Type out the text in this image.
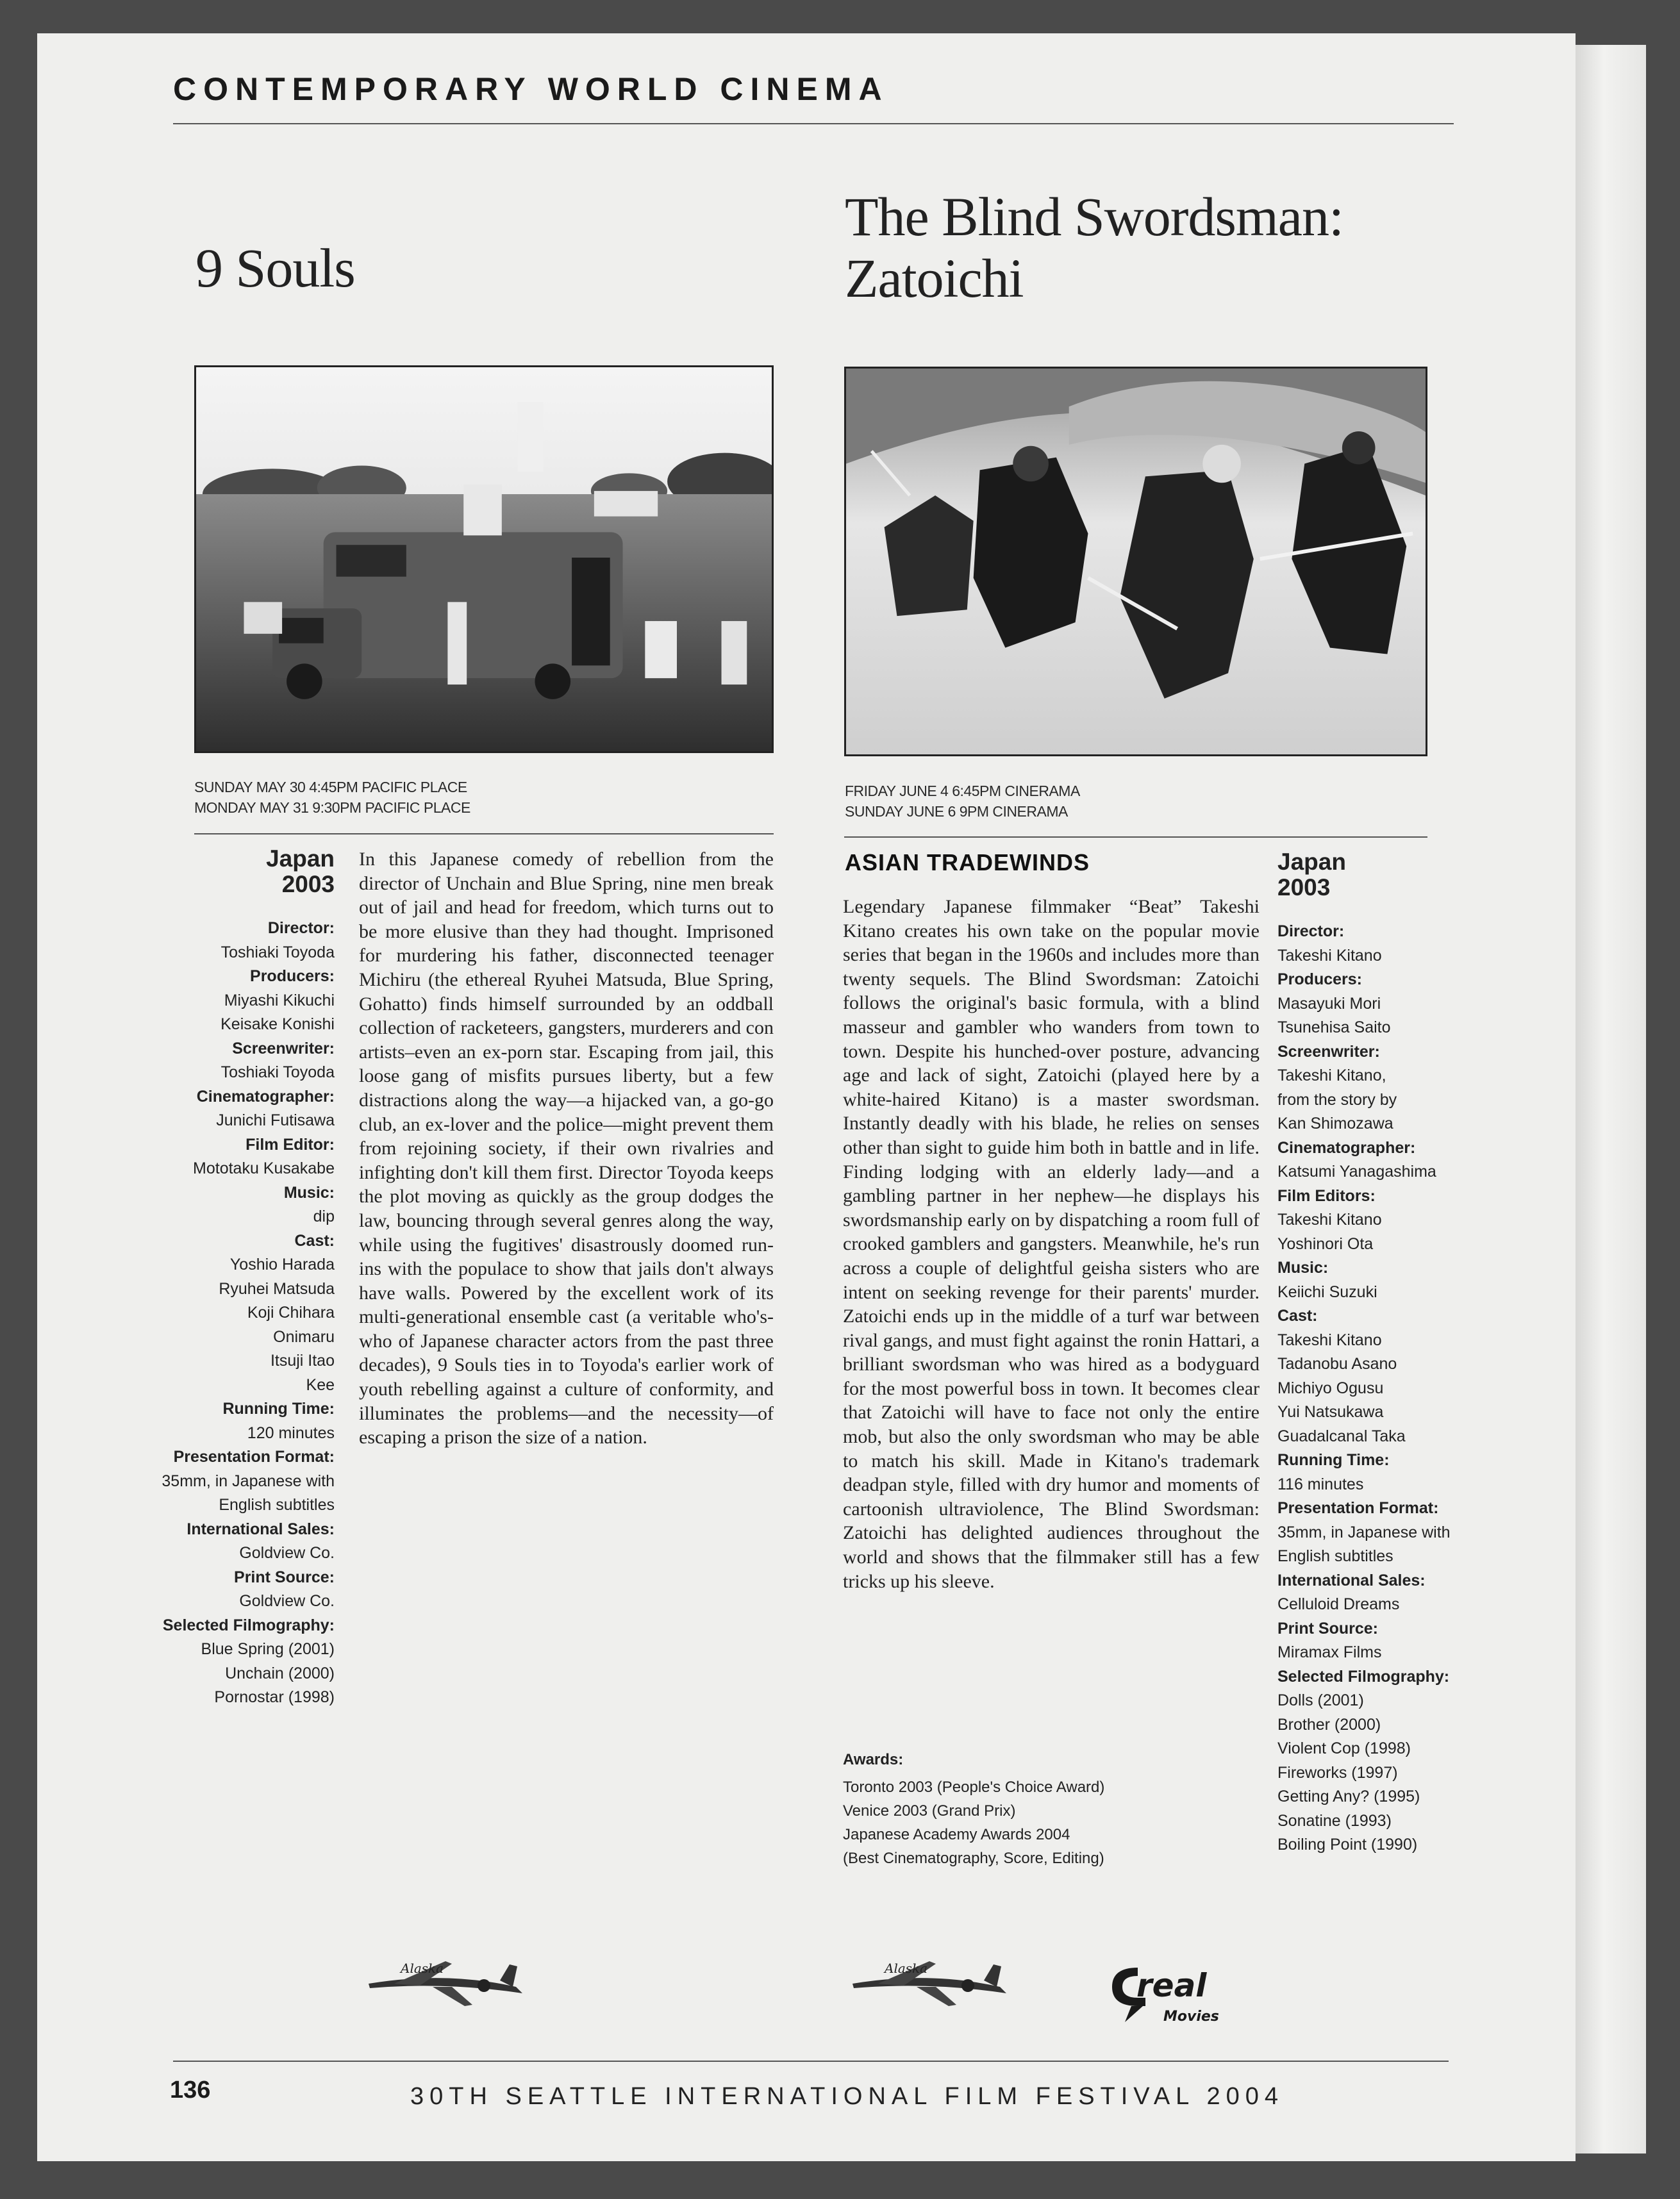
CONTEMPORARY WORLD CINEMA
9 Souls
SUNDAY MAY 30 4:45PM PACIFIC PLACE
MONDAY MAY 31 9:30PM PACIFIC PLACE
Japan
2003
Director:
Toshiaki Toyoda
Producers:
Miyashi Kikuchi
Keisake Konishi
Screenwriter:
Toshiaki Toyoda
Cinematographer:
Junichi Futisawa
Film Editor:
Mototaku Kusakabe
Music:
dip
Cast:
Yoshio Harada
Ryuhei Matsuda
Koji Chihara
Onimaru
Itsuji Itao
Kee
Running Time:
120 minutes
Presentation Format:
35mm, in Japanese with
English subtitles
International Sales:
Goldview Co.
Print Source:
Goldview Co.
Selected Filmography:
Blue Spring (2001)
Unchain (2000)
Pornostar (1998)
In this Japanese comedy of rebellion from the director of Unchain and Blue Spring, nine men break out of jail and head for freedom, which turns out to be more elusive than they had thought. Imprisoned for murdering his father, disconnected teenager Michiru (the ethereal Ryuhei Matsuda, Blue Spring, Gohatto) finds himself surrounded by an oddball collection of racketeers, gangsters, murderers and con artists–even an ex-porn star. Escaping from jail, this loose gang of misfits pursues liberty, but a few distractions along the way—a hijacked van, a go-go club, an ex-lover and the police—might prevent them from rejoining society, if their own rivalries and infighting don't kill them first. Director Toyoda keeps the plot moving as quickly as the group dodges the law, bouncing through several genres along the way, while using the fugitives' disastrously doomed run-ins with the populace to show that jails don't always have walls. Powered by the excellent work of its multi-generational ensemble cast (a veritable who's-who of Japanese character actors from the past three decades), 9 Souls ties in to Toyoda's earlier work of youth rebelling against a culture of conformity, and illuminates the problems—and the necessity—of escaping a prison the size of a nation.
The Blind Swordsman:
Zatoichi
FRIDAY JUNE 4 6:45PM CINERAMA
SUNDAY JUNE 6 9PM CINERAMA
ASIAN TRADEWINDS
Legendary Japanese filmmaker “Beat” Takeshi Kitano creates his own take on the popular movie series that began in the 1960s and includes more than twenty sequels. The Blind Swordsman: Zatoichi follows the original's basic formula, with a blind masseur and gambler who wanders from town to town. Despite his hunched-over posture, advancing age and lack of sight, Zatoichi (played here by a white-haired Kitano) is a master swordsman. Instantly deadly with his blade, he relies on senses other than sight to guide him both in battle and in life. Finding lodging with an elderly lady—and a gambling partner in her nephew—he displays his swordsmanship early on by dispatching a room full of crooked gamblers and gangsters. Meanwhile, he's run across a couple of delightful geisha sisters who are intent on seeking revenge for their parents' murder. Zatoichi ends up in the middle of a turf war between rival gangs, and must fight against the ronin Hattari, a brilliant swordsman who was hired as a bodyguard for the most powerful boss in town. It becomes clear that Zatoichi will have to face not only the entire mob, but also the only swordsman who may be able to match his skill. Made in Kitano's trademark deadpan style, filled with dry humor and moments of cartoonish ultraviolence, The Blind Swordsman: Zatoichi has delighted audiences throughout the world and shows that the filmmaker still has a few tricks up his sleeve.
Awards:
Toronto 2003 (People's Choice Award)
Venice 2003 (Grand Prix)
Japanese Academy Awards 2004
(Best Cinematography, Score, Editing)
Japan
2003
Director:
Takeshi Kitano
Producers:
Masayuki Mori
Tsunehisa Saito
Screenwriter:
Takeshi Kitano,
from the story by
Kan Shimozawa
Cinematographer:
Katsumi Yanagashima
Film Editors:
Takeshi Kitano
Yoshinori Ota
Music:
Keiichi Suzuki
Cast:
Takeshi Kitano
Tadanobu Asano
Michiyo Ogusu
Yui Natsukawa
Guadalcanal Taka
Running Time:
116 minutes
Presentation Format:
35mm, in Japanese with
English subtitles
International Sales:
Celluloid Dreams
Print Source:
Miramax Films
Selected Filmography:
Dolls (2001)
Brother (2000)
Violent Cop (1998)
Fireworks (1997)
Getting Any? (1995)
Sonatine (1993)
Boiling Point (1990)
Alaska	Alaska	real
Movies
136	30TH SEATTLE INTERNATIONAL FILM FESTIVAL 2004
